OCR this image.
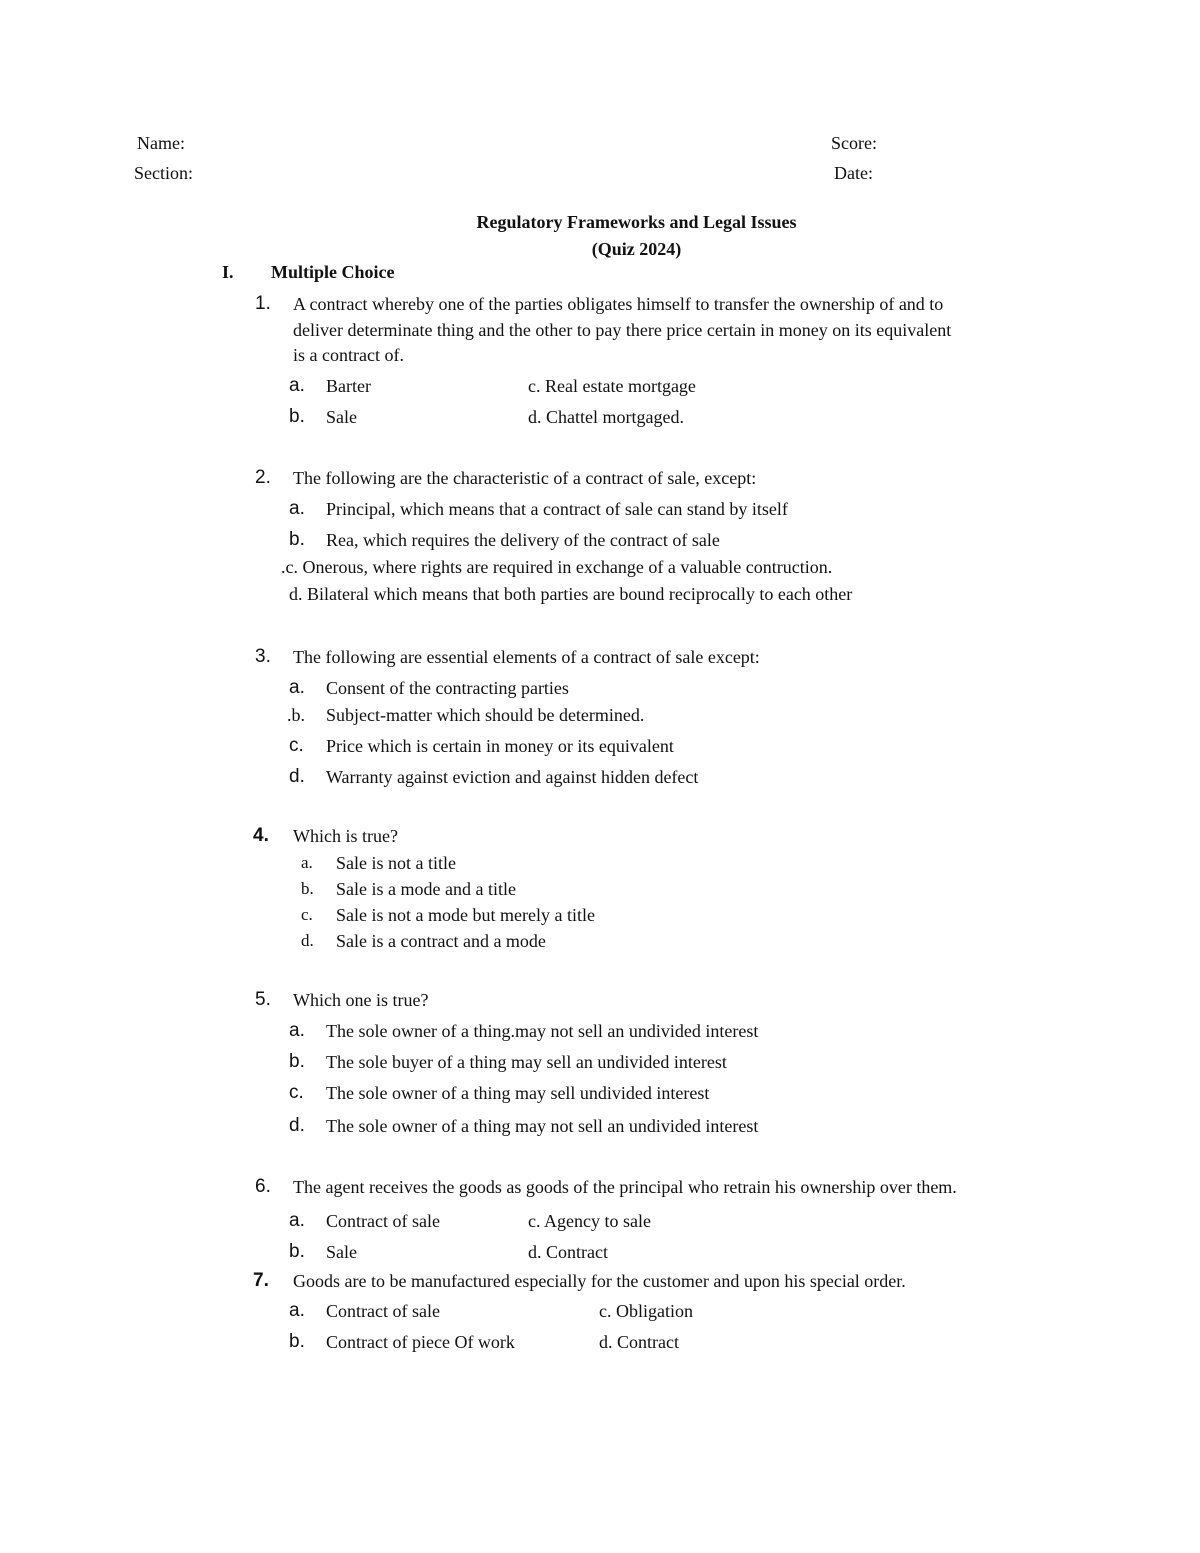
Name:	Score:
Section:	Date:
Regulatory Frameworks and Legal Issues
(Quiz 2024)
I. Multiple Choice
1. A contract whereby one of the parties obligates himself to transfer the ownership of and to
deliver determinate thing and the other to pay there price certain in money on its equivalent
is a contract of.
a. Barter	c. Real estate mortgage
b. Sale	d. Chattel mortgaged.
2. The following are the characteristic of a contract of sale, except:
a. Principal, which means that a contract of sale can stand by itself
b. Rea, which requires the delivery of the contract of sale
.c. Onerous, where rights are required in exchange of a valuable contruction.
d. Bilateral which means that both parties are bound reciprocally to each other
3. The following are essential elements of a contract of sale except:
a. Consent of the contracting parties
.b. Subject-matter which should be determined.
c. Price which is certain in money or its equivalent
d. Warranty against eviction and against hidden defect
4. Which is true?
a. Sale is not a title
b. Sale is a mode and a title
c. Sale is not a mode but merely a title
d. Sale is a contract and a mode
5. Which one is true?
a. The sole owner of a thing.may not sell an undivided interest
b. The sole buyer of a thing may sell an undivided interest
c. The sole owner of a thing may sell undivided interest
d. The sole owner of a thing may not sell an undivided interest
6. The agent receives the goods as goods of the principal who retrain his ownership over them.
a. Contract of sale	c. Agency to sale
b. Sale	d. Contract
7. Goods are to be manufactured especially for the customer and upon his special order.
a. Contract of sale	c. Obligation
b. Contract of piece Of work	d. Contract
